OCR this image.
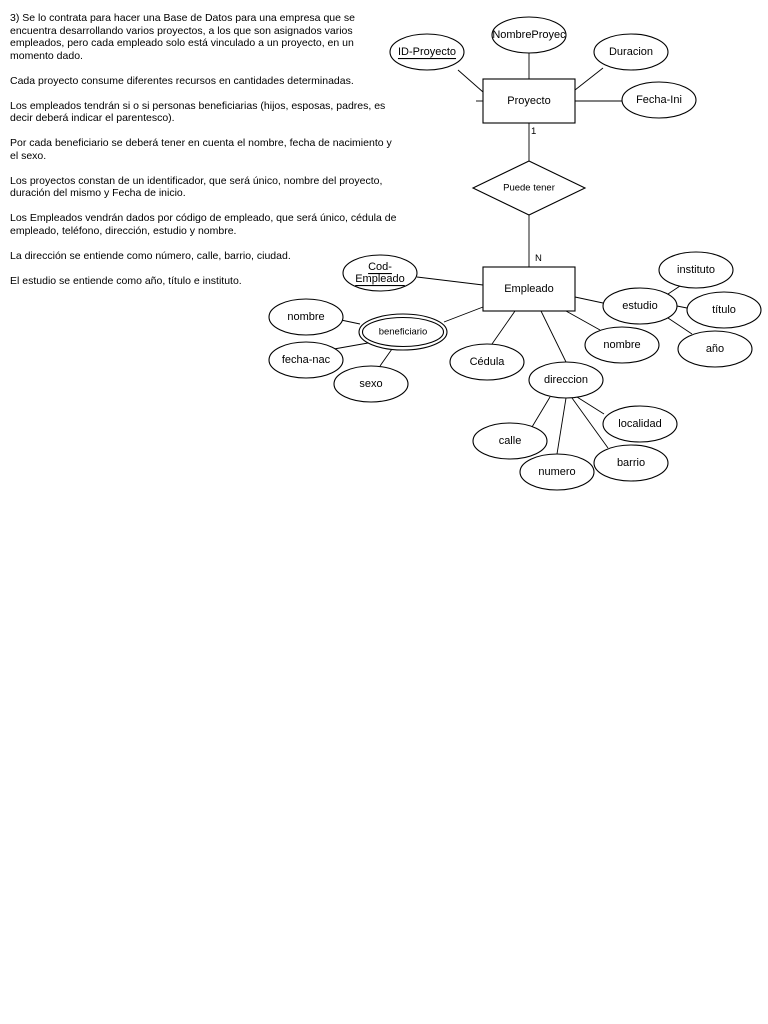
3) Se lo contrata para hacer una Base de Datos para una empresa que se encuentra desarrollando varios proyectos, a los que son asignados varios empleados, pero cada empleado solo está vinculado a un proyecto, en un momento dado.

Cada proyecto consume diferentes recursos en cantidades determinadas.

Los empleados tendrán si o si personas beneficiarias (hijos, esposas, padres, es decir deberá indicar el parentesco).

Por cada beneficiario se deberá tener en cuenta el nombre, fecha de nacimiento y el sexo.

Los proyectos constan de un identificador, que será único, nombre del proyecto, duración del mismo y Fecha de inicio.

Los Empleados vendrán dados por código de empleado, que será único, cédula de empleado, teléfono, dirección, estudio y nombre.

La dirección se entiende como número, calle, barrio, ciudad.

El estudio se entiende como año, título e instituto.

1
N
Proyecto
Empleado
Puede tener
ID-Proyecto
NombreProyec
Duracion
Fecha-Ini
Cod-
Empleado
beneficiario
nombre
fecha-nac
sexo
Cédula
direccion
nombre
estudio
instituto
título
año
localidad
calle
barrio
numero
